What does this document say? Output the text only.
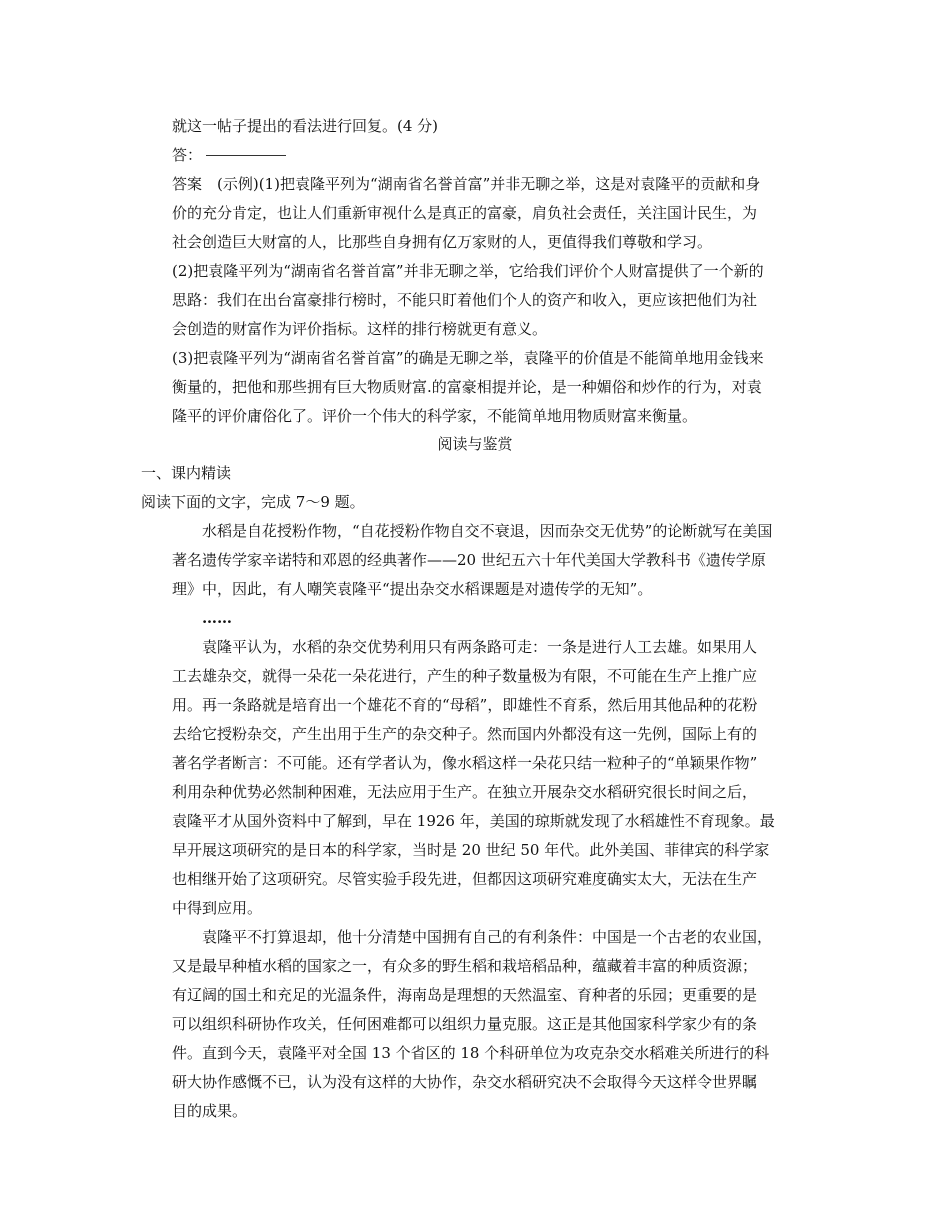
就这一帖子提出的看法进行回复。(4 分)
答：
答案　(示例)(1)把袁隆平列为“湖南省名誉首富”并非无聊之举，这是对袁隆平的贡献和身
价的充分肯定，也让人们重新审视什么是真正的富豪，肩负社会责任，关注国计民生，为
社会创造巨大财富的人，比那些自身拥有亿万家财的人，更值得我们尊敬和学习。
(2)把袁隆平列为“湖南省名誉首富”并非无聊之举，它给我们评价个人财富提供了一个新的
思路：我们在出台富豪排行榜时，不能只盯着他们个人的资产和收入，更应该把他们为社
会创造的财富作为评价指标。这样的排行榜就更有意义。
(3)把袁隆平列为“湖南省名誉首富”的确是无聊之举，袁隆平的价值是不能简单地用金钱来
衡量的，把他和那些拥有巨大物质财富.的富豪相提并论，是一种媚俗和炒作的行为，对袁
隆平的评价庸俗化了。评价一个伟大的科学家，不能简单地用物质财富来衡量。
阅读与鉴赏
一、课内精读
阅读下面的文字，完成 7～9 题。
水稻是自花授粉作物，“自花授粉作物自交不衰退，因而杂交无优势”的论断就写在美国
著名遗传学家辛诺特和邓恩的经典著作——20 世纪五六十年代美国大学教科书《遗传学原
理》中，因此，有人嘲笑袁隆平“提出杂交水稻课题是对遗传学的无知”。
……
袁隆平认为，水稻的杂交优势利用只有两条路可走：一条是进行人工去雄。如果用人
工去雄杂交，就得一朵花一朵花进行，产生的种子数量极为有限，不可能在生产上推广应
用。再一条路就是培育出一个雄花不育的“母稻”，即雄性不育系，然后用其他品种的花粉
去给它授粉杂交，产生出用于生产的杂交种子。然而国内外都没有这一先例，国际上有的
著名学者断言：不可能。还有学者认为，像水稻这样一朵花只结一粒种子的“单颖果作物”
利用杂种优势必然制种困难，无法应用于生产。在独立开展杂交水稻研究很长时间之后，
袁隆平才从国外资料中了解到，早在 1926 年，美国的琼斯就发现了水稻雄性不育现象。最
早开展这项研究的是日本的科学家，当时是 20 世纪 50 年代。此外美国、菲律宾的科学家
也相继开始了这项研究。尽管实验手段先进，但都因这项研究难度确实太大，无法在生产
中得到应用。
袁隆平不打算退却，他十分清楚中国拥有自己的有利条件：中国是一个古老的农业国，
又是最早种植水稻的国家之一，有众多的野生稻和栽培稻品种，蕴藏着丰富的种质资源；
有辽阔的国土和充足的光温条件，海南岛是理想的天然温室、育种者的乐园；更重要的是
可以组织科研协作攻关，任何困难都可以组织力量克服。这正是其他国家科学家少有的条
件。直到今天，袁隆平对全国 13 个省区的 18 个科研单位为攻克杂交水稻难关所进行的科
研大协作感慨不已，认为没有这样的大协作，杂交水稻研究决不会取得今天这样令世界瞩
目的成果。
